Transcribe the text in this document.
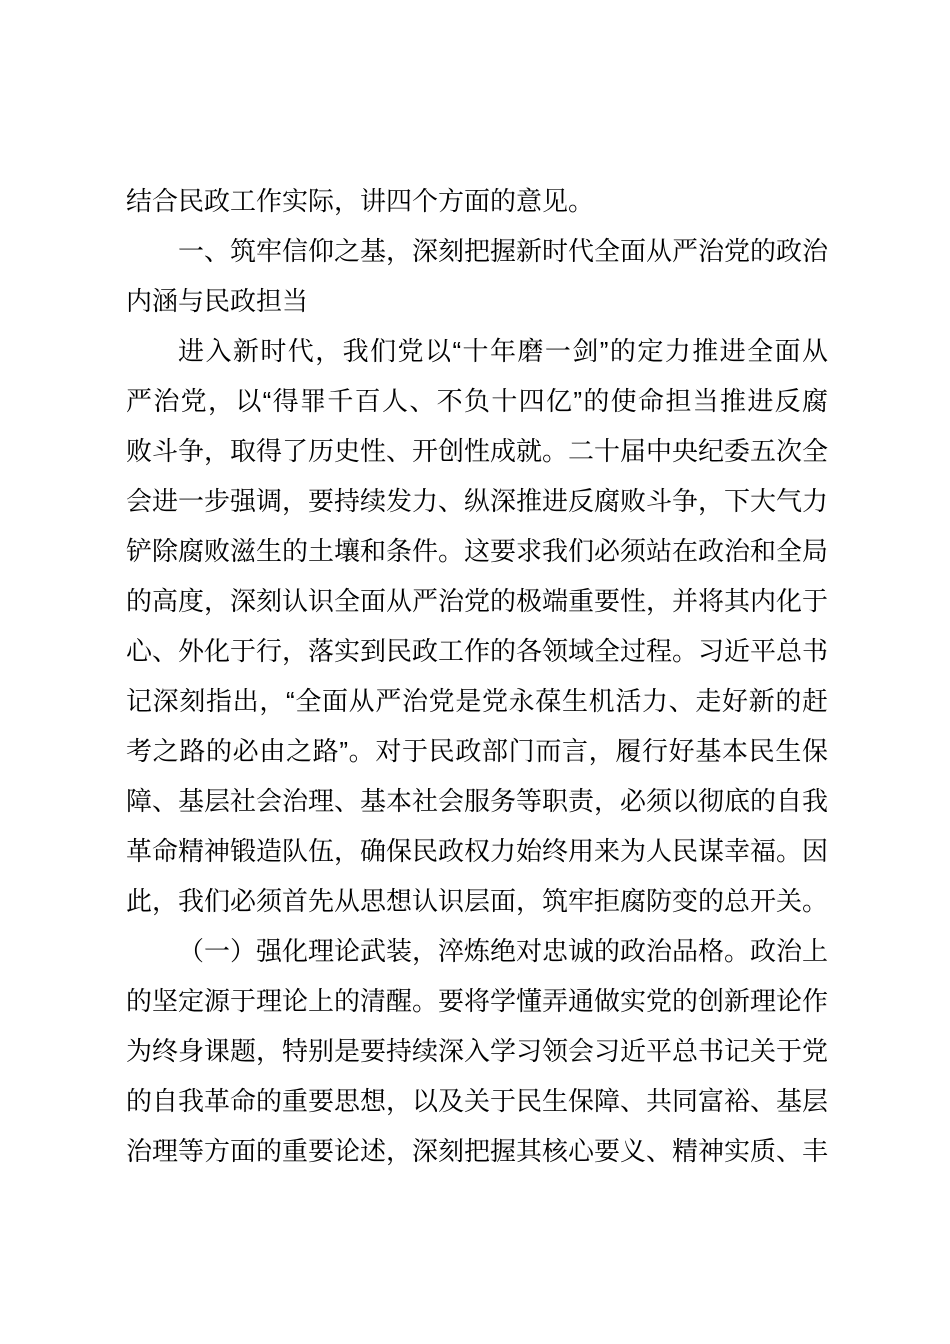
结合民政工作实际，讲四个方面的意见。
一、筑牢信仰之基，深刻把握新时代全面从严治党的政治
内涵与民政担当
进入新时代，我们党以“十年磨一剑”的定力推进全面从
严治党，以“得罪千百人、不负十四亿”的使命担当推进反腐
败斗争，取得了历史性、开创性成就。二十届中央纪委五次全
会进一步强调，要持续发力、纵深推进反腐败斗争，下大气力
铲除腐败滋生的土壤和条件。这要求我们必须站在政治和全局
的高度，深刻认识全面从严治党的极端重要性，并将其内化于
心、外化于行，落实到民政工作的各领域全过程。习近平总书
记深刻指出，“全面从严治党是党永葆生机活力、走好新的赶
考之路的必由之路”。对于民政部门而言，履行好基本民生保
障、基层社会治理、基本社会服务等职责，必须以彻底的自我
革命精神锻造队伍，确保民政权力始终用来为人民谋幸福。因
此，我们必须首先从思想认识层面，筑牢拒腐防变的总开关。
（一）强化理论武装，淬炼绝对忠诚的政治品格。政治上
的坚定源于理论上的清醒。要将学懂弄通做实党的创新理论作
为终身课题，特别是要持续深入学习领会习近平总书记关于党
的自我革命的重要思想，以及关于民生保障、共同富裕、基层
治理等方面的重要论述，深刻把握其核心要义、精神实质、丰
